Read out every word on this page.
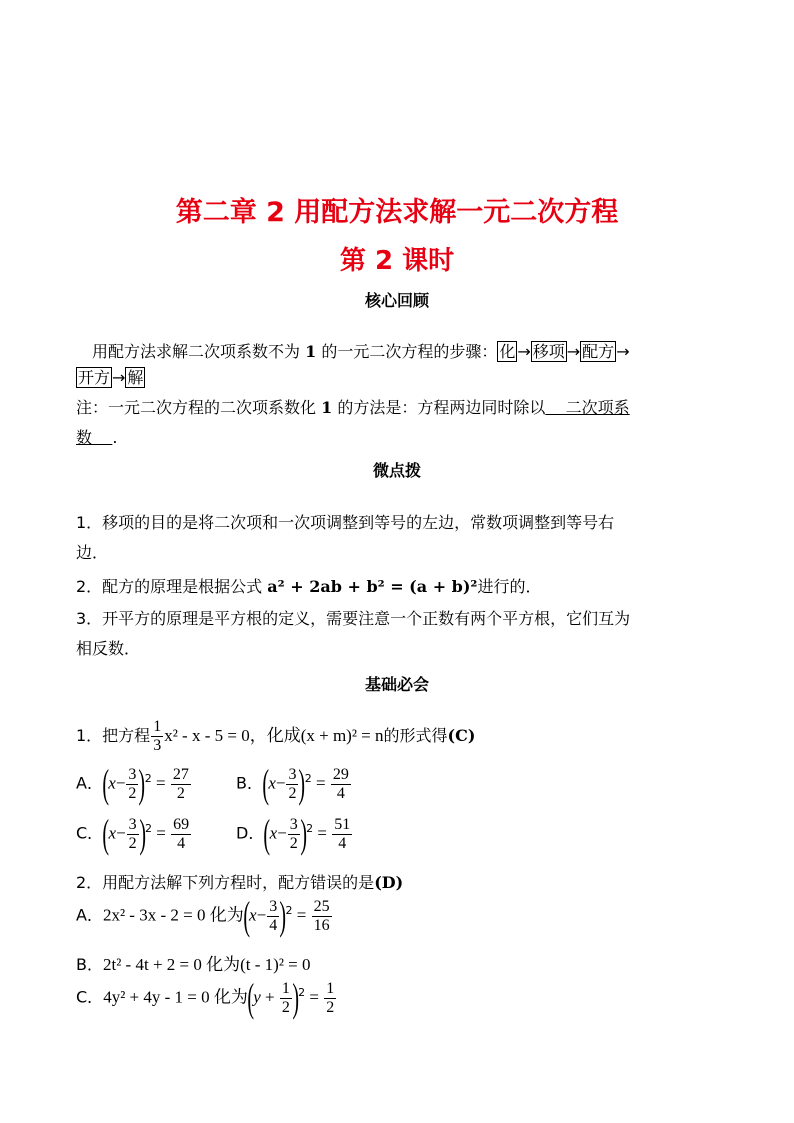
第二章 2 用配方法求解一元二次方程
第 2 课时
核心回顾
用配方法求解二次项系数不为 1 的一元二次方程的步骤： 化 → 移项 → 配方 →
开方 → 解
注：一元二次方程的二次项系数化 1 的方法是：方程两边同时除以    二次项系
数    .
微点拨
1．移项的目的是将二次项和一次项调整到等号的左边，常数项调整到等号右
边．
2．配方的原理是根据公式 a² + 2ab + b² = (a + b)²进行的．
3．开平方的原理是平方根的定义，需要注意一个正数有两个平方根，它们互为
相反数．
基础必会
1．把方程 $\frac{1}{3} x^2 - x - 5 = 0$，化成(x + m)² = n的形式得(C)
A．$(x- \frac{3}{2} )^2 = \frac{27}{2}$	B．$(x- \frac{3}{2} )^2 = \frac{29}{4}$
C．$(x- \frac{3}{2} )^2 = \frac{69}{4}$	D．$(x- \frac{3}{2} )^2 = \frac{51}{4}$
2．用配方法解下列方程时，配方错误的是(D)
A．2x² - 3x - 2 = 0 化为$(x- \frac{3}{4} )^2 = \frac{25}{16}$
B．2t² - 4t + 2 = 0 化为(t - 1)² = 0
C．4y² + 4y - 1 = 0 化为$(y + \frac{1}{2} )^2 = \frac{1}{2}$
